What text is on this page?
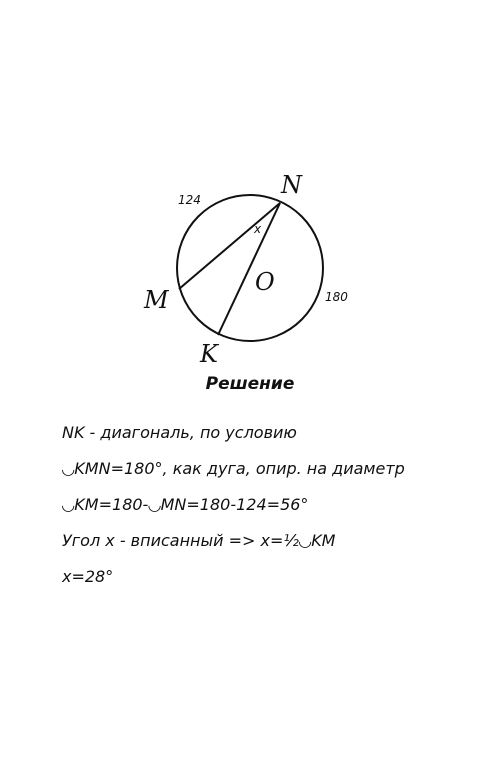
N
M
K
O
x
124
180
Решение
NK - диагональ, по условию
◡KMN=180°, как дуга, опир. на диаметр
◡KM=180-◡MN=180-124=56°
Угол x - вписанный => x=½◡KM
x=28°
